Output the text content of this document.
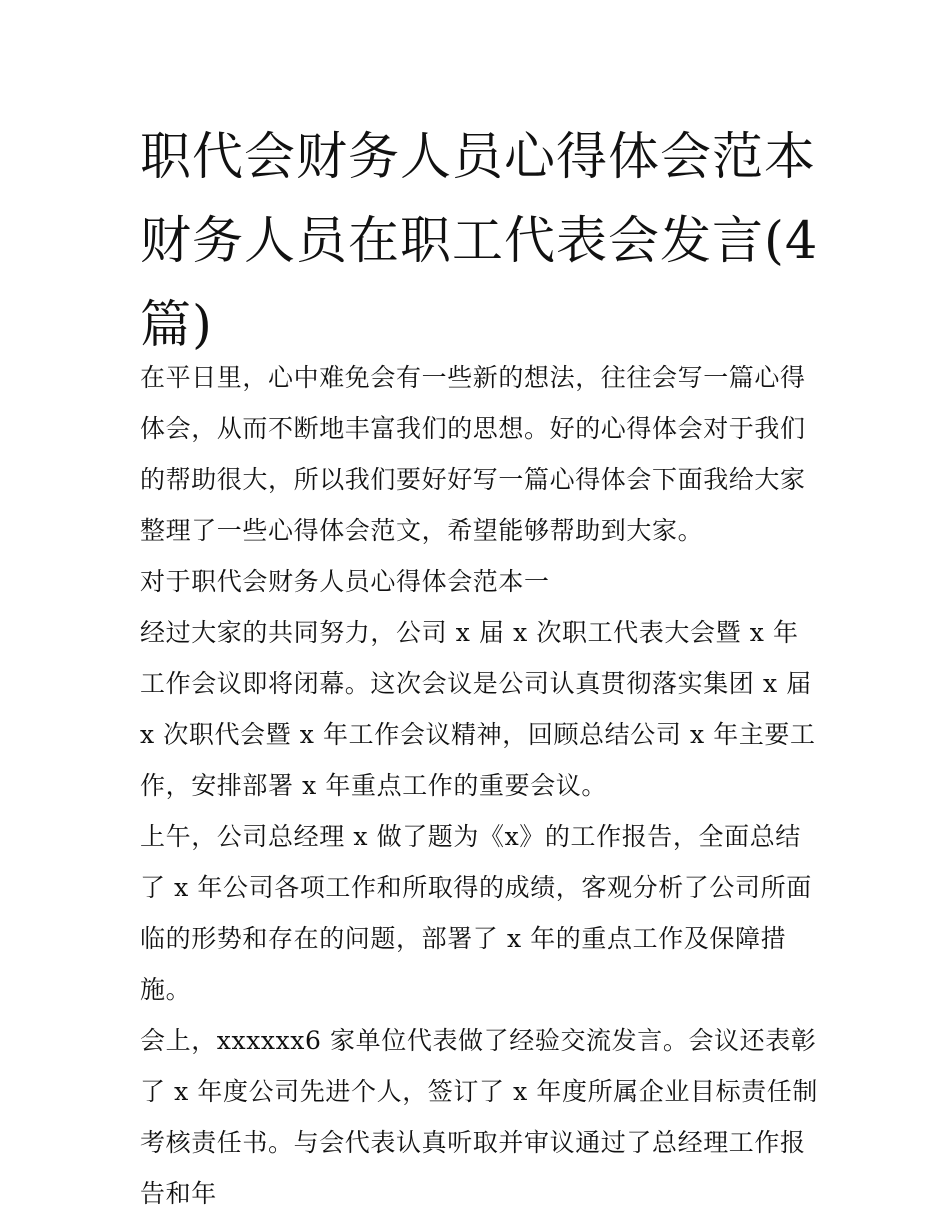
职代会财务人员心得体会范本财务人员在职工代表会发言(4篇)

在平日里，心中难免会有一些新的想法，往往会写一篇心得体会，从而不断地丰富我们的思想。好的心得体会对于我们的帮助很大，所以我们要好好写一篇心得体会下面我给大家整理了一些心得体会范文，希望能够帮助到大家。

对于职代会财务人员心得体会范本一

经过大家的共同努力，公司 x 届 x 次职工代表大会暨 x 年工作会议即将闭幕。这次会议是公司认真贯彻落实集团 x 届 x 次职代会暨 x 年工作会议精神，回顾总结公司 x 年主要工作，安排部署 x 年重点工作的重要会议。

上午，公司总经理 x 做了题为《x》的工作报告，全面总结了 x 年公司各项工作和所取得的成绩，客观分析了公司所面临的形势和存在的问题，部署了 x 年的重点工作及保障措施。

会上，xxxxxx6 家单位代表做了经验交流发言。会议还表彰了 x 年度公司先进个人，签订了 x 年度所属企业目标责任制考核责任书。与会代表认真听取并审议通过了总经理工作报告和年
